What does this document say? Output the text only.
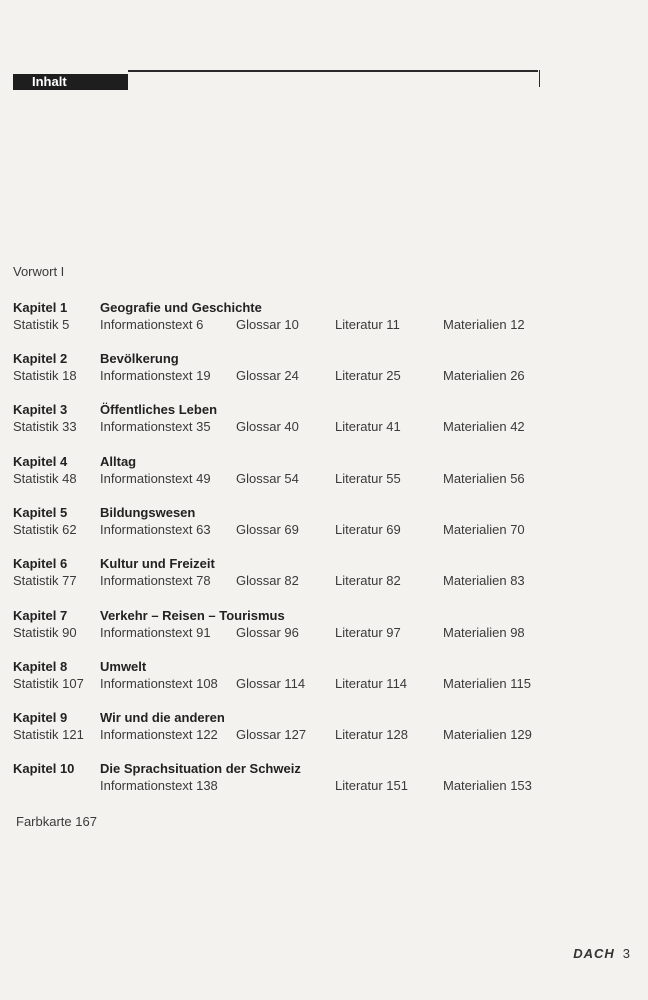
Inhalt
Vorwort I
Kapitel 1	Geografie und Geschichte
Statistik 5 Informationstext 6	Glossar 10	Literatur 11	Materialien 12
Kapitel 2	Bevölkerung
Statistik 18 Informationstext 19 Glossar 24	Literatur 25	Materialien 26
Kapitel 3	Öffentliches Leben
Statistik 33 Informationstext 35 Glossar 40	Literatur 41	Materialien 42
Kapitel 4	Alltag
Statistik 48 Informationstext 49 Glossar 54	Literatur 55	Materialien 56
Kapitel 5	Bildungswesen
Statistik 62 Informationstext 63 Glossar 69	Literatur 69	Materialien 70
Kapitel 6	Kultur und Freizeit
Statistik 77 Informationstext 78 Glossar 82	Literatur 82	Materialien 83
Kapitel 7	Verkehr – Reisen – Tourismus
Statistik 90 Informationstext 91 Glossar 96	Literatur 97	Materialien 98
Kapitel 8	Umwelt
Statistik 107 Informationstext 108 Glossar 114 Literatur 114	Materialien 115
Kapitel 9	Wir und die anderen
Statistik 121 Informationstext 122 Glossar 127 Literatur 128	Materialien 129
Kapitel 10 Die Sprachsituation der Schweiz
Informationstext 138	Literatur 151	Materialien 153
Farbkarte 167
DACH 3
